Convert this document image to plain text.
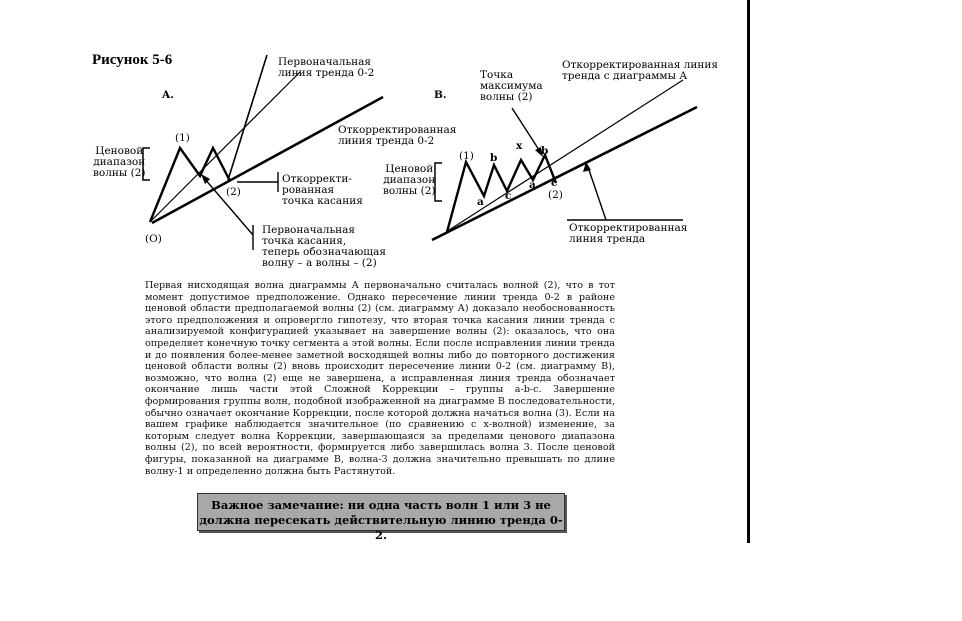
Рисунок 5-6
A.
Первоначальная
линия тренда 0-2
Откорректированная
линия тренда 0-2
Ценовой
диапазон
волны (2)
(1)
(2)
(O)
Откорректи-
рованная
точка касания
Первоначальная
точка касания,
теперь обозначающая
волну – а волны – (2)
B.
Точка
максимума
волны (2)
Откорректированная линия
тренда с диаграммы А
Ценовой
диапазон
волны (2)
(1) b
a c
x b
a c
(2)
Откорректированная
линия тренда
Первая нисходящая волна диаграммы А первоначально считалась волной (2), что в тот момент допустимое предположение. Однако пересечение линии тренда 0-2 в районе ценовой области предполагаемой волны (2) (см. диаграмму А) доказало необоснованность этого предположения и опровергло гипотезу, что вторая точка касания линии тренда с анализируемой конфигурацией указывает на завершение волны (2): оказалось, что она определяет конечную точку сегмента а этой волны. Если после исправления линии тренда и до появления более-менее заметной восходящей волны либо до повторного достижения ценовой области волны (2) вновь происходит пересечение линии 0-2 (см. диаграмму В), возможно, что волна (2) еще не завершена, а исправленная линия тренда обозначает окончание лишь части этой Сложной Коррекции – группы а-b-с. Завершение формирования группы волн, подобной изображенной на диаграмме В последовательности, обычно означает окончание Коррекции, после которой должна начаться волна (3). Если на вашем графике наблюдается значительное (по сравнению с х-волной) изменение, за которым следует волна Коррекции, завершающаяся за пределами ценового диапазона волны (2), по всей вероятности, формируется либо завершилась волна 3. После ценовой фигуры, показанной на диаграмме В, волна-3 должна значительно превышать по длине волну-1 и определенно должна быть Растянутой.
Важное замечание: ни одна часть волн 1 или 3 не должна пересекать действительную линию тренда 0-2.
